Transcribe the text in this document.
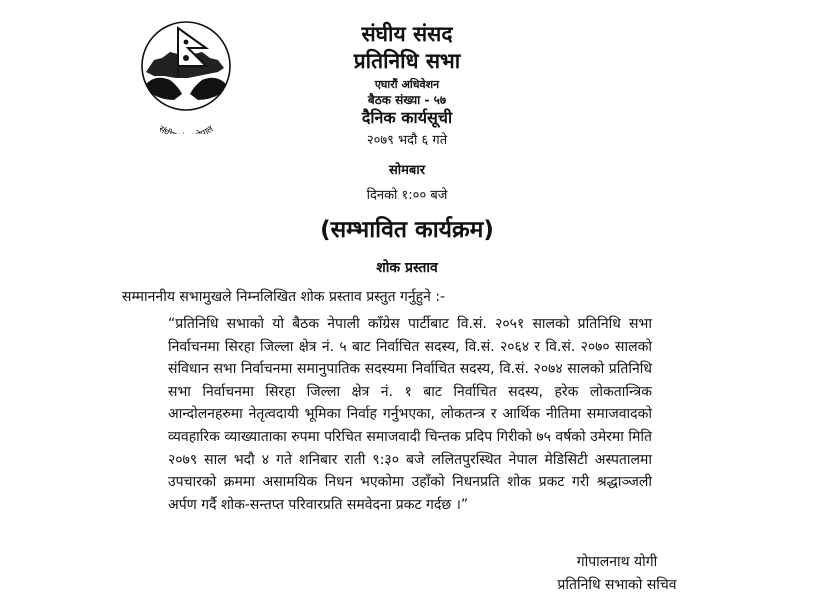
संघी पाल
संघीय संसद
प्रतिनिधि सभा
एघारौं अधिवेशन
बैठक संख्या - ५७
दैनिक कार्यसूची
२०७९ भदौ ६ गते
सोमबार
दिनको १:०० बजे
(सम्भावित कार्यक्रम)
शोक प्रस्ताव
सम्माननीय सभामुखले निम्नलिखित शोक प्रस्ताव प्रस्तुत गर्नुहुने :-
“प्रतिनिधि सभाको यो बैठक नेपाली काँग्रेस पार्टीबाट वि.सं. २०५१ सालको प्रतिनिधि सभा निर्वाचनमा सिरहा जिल्ला क्षेत्र नं. ५ बाट निर्वाचित सदस्य, वि.सं. २०६४ र वि.सं. २०७० सालको संविधान सभा निर्वाचनमा समानुपातिक सदस्यमा निर्वाचित सदस्य, वि.सं. २०७४ सालको प्रतिनिधि सभा निर्वाचनमा सिरहा जिल्ला क्षेत्र नं. १ बाट निर्वाचित सदस्य, हरेक लोकतान्त्रिक आन्दोलनहरुमा नेतृत्वदायी भूमिका निर्वाह गर्नुभएका, लोकतन्त्र र आर्थिक नीतिमा समाजवादको व्यवहारिक व्याख्याताका रुपमा परिचित समाजवादी चिन्तक प्रदिप गिरीको ७५ वर्षको उमेरमा मिति २०७९ साल भदौ ४ गते शनिबार राती ९:३० बजे ललितपुरस्थित नेपाल मेडिसिटी अस्पतालमा उपचारको क्रममा असामयिक निधन भएकोमा उहाँको निधनप्रति शोक प्रकट गरी श्रद्धाञ्जली अर्पण गर्दै शोक-सन्तप्त परिवारप्रति समवेदना प्रकट गर्दछ ।”
गोपालनाथ योगी
प्रतिनिधि सभाको सचिव
